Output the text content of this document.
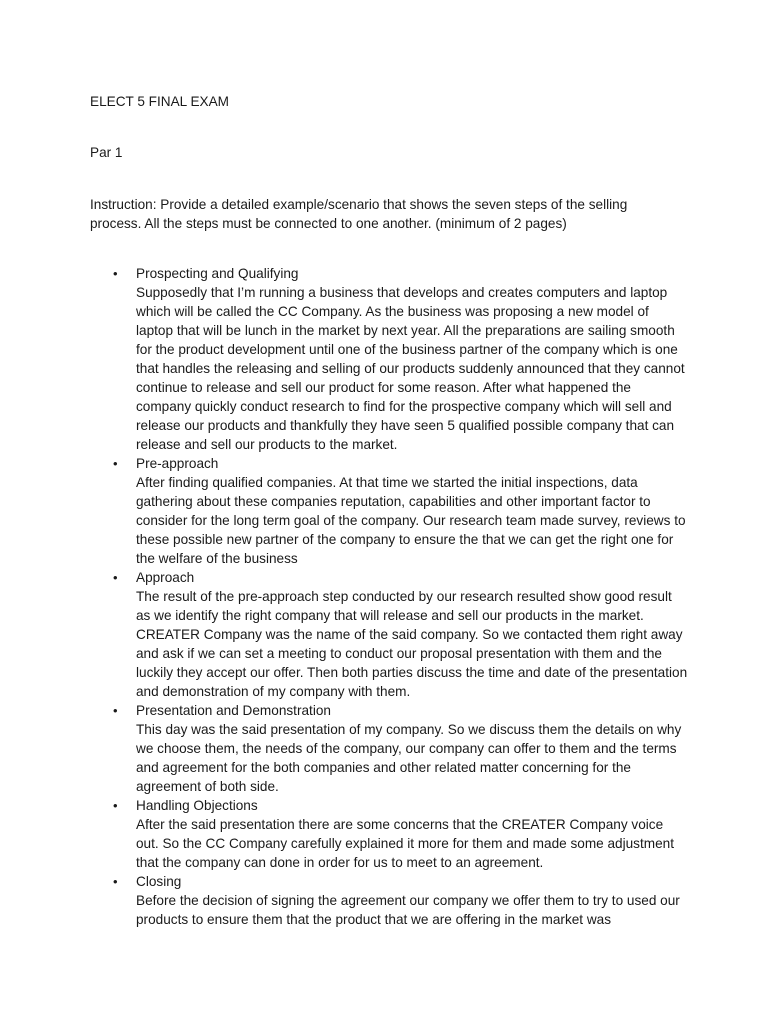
ELECT 5 FINAL EXAM
Par 1
Instruction: Provide a detailed example/scenario that shows the seven steps of the selling process. All the steps must be connected to one another. (minimum of 2 pages)
• Prospecting and Qualifying
Supposedly that I’m running a business that develops and creates computers and laptop which will be called the CC Company. As the business was proposing a new model of laptop that will be lunch in the market by next year. All the preparations are sailing smooth for the product development until one of the business partner of the company which is one that handles the releasing and selling of our products suddenly announced that they cannot continue to release and sell our product for some reason. After what happened the company quickly conduct research to find for the prospective company which will sell and release our products and thankfully they have seen 5 qualified possible company that can release and sell our products to the market.
• Pre-approach
After finding qualified companies. At that time we started the initial inspections, data gathering about these companies reputation, capabilities and other important factor to consider for the long term goal of the company. Our research team made survey, reviews to these possible new partner of the company to ensure the that we can get the right one for the welfare of the business
• Approach
The result of the pre-approach step conducted by our research resulted show good result as we identify the right company that will release and sell our products in the market. CREATER Company was the name of the said company. So we contacted them right away and ask if we can set a meeting to conduct our proposal presentation with them and the luckily they accept our offer. Then both parties discuss the time and date of the presentation and demonstration of my company with them.
• Presentation and Demonstration
This day was the said presentation of my company. So we discuss them the details on why we choose them, the needs of the company, our company can offer to them and the terms and agreement for the both companies and other related matter concerning for the agreement of both side.
• Handling Objections
After the said presentation there are some concerns that the CREATER Company voice out. So the CC Company carefully explained it more for them and made some adjustment that the company can done in order for us to meet to an agreement.
• Closing
Before the decision of signing the agreement our company we offer them to try to used our products to ensure them that the product that we are offering in the market was
